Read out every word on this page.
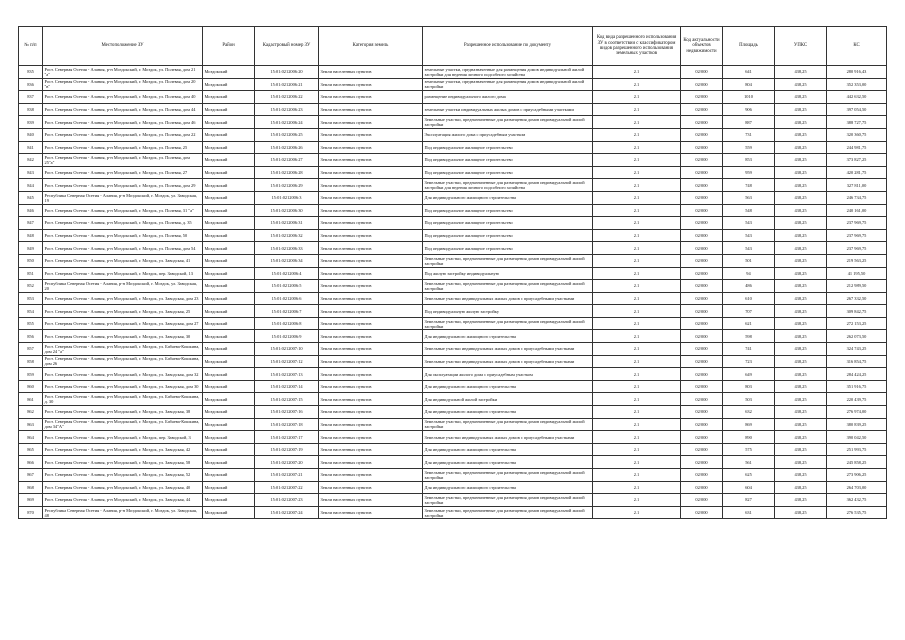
№ п/п	Местоположение ЗУ	Район	Кадастровый номер ЗУ	Категория земель	Разрешенное использование по документу	Код вида разрешенного использования ЗУ в соответствии с классификатором видов разрешенного использования земельных участков	Код актуальности объектов недвижимости	Площадь	УПКС	КС
835	Рост. Северная Осетия - Алания, р-н Моздокский, г. Моздок, ул. Полевая, дом 21 "а"	Моздокский	15:01:0212006:20	Земли населенных пунктов	земельные участки, предназначенные для размещения домов индивидуальной жилой застройки для ведения личного подсобного хозяйства	2.1	02/000	641	438,25	280 916,43
836	Рост. Северная Осетия - Алания, р-н Моздокский, г. Моздок, ул. Полевая, дом 20 "в"	Моздокский	15:01:0212006:21	Земли населенных пунктов	земельные участки, предназначенные для размещения домов индивидуальной жилой застройки	2.1	02/000	804	438,25	352 353,00
837	Рост. Северная Осетия - Алания, р-н Моздокский, г. Моздок, ул. Полевая, дом 40	Моздокский	15:01:0212006:22	Земли населенных пунктов	размещение индивидуального жилого дома	2.1	02/000	1010	438,25	442 632,50
838	Рост. Северная Осетия - Алания, р-н Моздокский, г. Моздок, ул. Полевая, дом 44	Моздокский	15:01:0212006:23	Земли населенных пунктов	земельные участки индивидуальных жилых домов с приусадебными участками	2.1	02/000	906	438,25	397 054,50
839	Рост. Северная Осетия - Алания, р-н Моздокский, г. Моздок, ул. Полевая, дом 46	Моздокский	15:01:0212006:24	Земли населенных пунктов	Земельные участки, предназначенные для размещения домов индивидуальной жилой застройки	2.1	02/000	887	438,25	388 727,75
840	Рост. Северная Осетия - Алания, р-н Моздокский, г. Моздок, ул. Полевая, дом 22	Моздокский	15:01:0212006:25	Земли населенных пунктов	Эксплуатация жилого дома с приусадебным участком	2.1	02/000	731	438,25	320 360,75
841	Рост. Северная Осетия - Алания, р-н Моздокский, г. Моздок, ул. Полевая, 25	Моздокский	15:01:0212006:26	Земли населенных пунктов	Под индивидуальное жилищное строительство	2.1	02/000	559	438,25	244 981,75
842	Рост. Северная Осетия - Алания, р-н Моздокский, г. Моздок, ул. Полевая, дом 25"а"	Моздокский	15:01:0212006:27	Земли населенных пунктов	Под индивидуальное жилищное строительство	2.1	02/000	853	438,25	373 827,25
843	Рост. Северная Осетия - Алания, р-н Моздокский, г. Моздок, ул. Полевая, 27	Моздокский	15:01:0212006:28	Земли населенных пунктов	Под индивидуальное жилищное строительство	2.1	02/000	959	438,25	420 281,75
844	Рост. Северная Осетия - Алания, р-н Моздокский, г. Моздок, ул. Полевая, дом 29	Моздокский	15:01:0212006:29	Земли населенных пунктов	Земельные участки, предназначенные для размещения домов индивидуальной жилой застройки для ведения личного подсобного хозяйства	2.1	02/000	748	438,25	327 811,00
845	Республика Северная Осетия - Алания, р-н Моздокский, г. Моздок, ул. Заводская, 19	Моздокский	15:01:0212006:3	Земли населенных пунктов	Для индивидуального жилищного строительства	2.1	02/000	563	438,25	246 734,75
846	Рост. Северная Осетия - Алания, р-н Моздокский, г. Моздок, ул. Полевая, 31 "а"	Моздокский	15:01:0212006:30	Земли населенных пунктов	Под индивидуальное жилищное строительство	2.1	02/000	548	438,25	240 161,00
847	Рост. Северная Осетия - Алания, р-н Моздокский, г. Моздок, ул. Полевая, д. 35	Моздокский	15:01:0212006:31	Земли населенных пунктов	Под индивидуальное жилищное строительство	2.1	02/000	543	438,25	237 969,75
848	Рост. Северная Осетия - Алания, р-н Моздокский, г. Моздок, ул. Полевая, 50	Моздокский	15:01:0212006:32	Земли населенных пунктов	Под индивидуальное жилищное строительство	2.1	02/000	543	438,25	237 969,75
849	Рост. Северная Осетия - Алания, р-н Моздокский, г. Моздок, ул. Полевая, дом 54	Моздокский	15:01:0212006:33	Земли населенных пунктов	Под индивидуальное жилищное строительство	2.1	02/000	543	438,25	237 969,75
850	Рост. Северная Осетия - Алания, р-н Моздокский, г. Моздок, ул. Заводская, 41	Моздокский	15:01:0212006:34	Земли населенных пунктов	Земельные участки, предназначенные для размещения домов индивидуальной жилой застройки	2.1	02/000	501	438,25	219 563,25
851	Рост. Северная Осетия - Алания, р-н Моздокский, г. Моздок, пер. Заводской, 13	Моздокский	15:01:0212006:4	Земли населенных пунктов	Под жилую застройку индивидуальную	2.1	02/000	94	438,25	41 195,50
852	Республика Северная Осетия - Алания, р-н Моздокский, г. Моздок, ул. Заводская, 20	Моздокский	15:01:0212006:5	Земли населенных пунктов	Земельные участки, предназначенные для размещения домов индивидуальной жилой застройки	2.1	02/000	486	438,25	212 989,50
853	Рост. Северная Осетия - Алания, р-н Моздокский, г. Моздок, ул. Заводская, дом 23	Моздокский	15:01:0212006:6	Земли населенных пунктов	Земельные участки индивидуальных жилых домов с приусадебными участками	2.1	02/000	610	438,25	267 332,50
854	Рост. Северная Осетия - Алания, р-н Моздокский, г. Моздок, ул. Заводская, 25	Моздокский	15:01:0212006:7	Земли населенных пунктов	Под индивидуальную жилую застройку	2.1	02/000	707	438,25	309 842,75
855	Рост. Северная Осетия - Алания, р-н Моздокский, г. Моздок, ул. Заводская, дом 27	Моздокский	15:01:0212006:8	Земли населенных пунктов	Земельные участки, предназначенные для размещения домов индивидуальной жилой застройки	2.1	02/000	621	438,25	272 153,25
856	Рост. Северная Осетия - Алания, р-н Моздокский, г. Моздок, ул. Заводская, 30	Моздокский	15:01:0212006:9	Земли населенных пунктов	Для индивидуального жилищного строительства	2.1	02/000	598	438,25	262 073,50
857	Рост. Северная Осетия - Алания, р-н Моздокский, г. Моздок, ул. Бабаева-Кошкина, дом 24 "а"	Моздокский	15:01:0212007:10	Земли населенных пунктов	Земельные участки индивидуальных жилых домов с приусадебными участками	2.1	02/000	741	438,25	324 743,25
858	Рост. Северная Осетия - Алания, р-н Моздокский, г. Моздок, ул. Бабаева-Кошкина, дом 26	Моздокский	15:01:0212007:12	Земли населенных пунктов	Земельные участки индивидуальных жилых домов с приусадебными участками	2.1	02/000	723	438,25	316 854,75
859	Рост. Северная Осетия - Алания, р-н Моздокский, г. Моздок, ул. Заводская, дом 32	Моздокский	15:01:0212007:13	Земли населенных пунктов	Для эксплуатации жилого дома с приусадебным участком	2.1	02/000	649	438,25	284 424,25
860	Рост. Северная Осетия - Алания, р-н Моздокский, г. Моздок, ул. Заводская, дом 30	Моздокский	15:01:0212007:14	Земли населенных пунктов	Для индивидуального жилищного строительства	2.1	02/000	803	438,25	351 916,75
861	Рост. Северная Осетия - Алания, р-н Моздокский, г. Моздок, ул. Бабаева-Кошкина, д. 30	Моздокский	15:01:0212007:15	Земли населенных пунктов	Для индивидуальной жилой застройки	2.1	02/000	503	438,25	220 439,75
862	Рост. Северная Осетия - Алания, р-н Моздокский, г. Моздок, ул. Заводская, 38	Моздокский	15:01:0212007:16	Земли населенных пунктов	Для индивидуального жилищного строительства	2.1	02/000	632	438,25	276 974,00
863	Рост. Северная Осетия - Алания, р-н Моздокский, г. Моздок, ул. Бабаева-Кошкина, дом 34"А"	Моздокский	15:01:0212007:18	Земли населенных пунктов	Земельные участки, предназначенные для размещения домов индивидуальной жилой застройки	2.1	02/000	869	438,25	380 839,25
864	Рост. Северная Осетия - Алания, р-н Моздокский, г. Моздок, пер. Заводской, 3	Моздокский	15:01:0212007:17	Земли населенных пунктов	Земельные участки индивидуальных жилых домов с приусадебными участками	2.1	02/000	890	438,25	390 042,50
865	Рост. Северная Осетия - Алания, р-н Моздокский, г. Моздок, ул. Заводская, 42	Моздокский	15:01:0212007:19	Земли населенных пунктов	Для индивидуального жилищного строительства	2.1	02/000	575	438,25	251 993,75
866	Рост. Северная Осетия - Алания, р-н Моздокский, г. Моздок, ул. Заводская, 58	Моздокский	15:01:0212007:20	Земли населенных пунктов	Для индивидуального жилищного строительства	2.1	02/000	561	438,25	245 858,25
867	Рост. Северная Осетия - Алания, р-н Моздокский, г. Моздок, ул. Заводская, 52	Моздокский	15:01:0212007:21	Земли населенных пунктов	Земельные участки, предназначенные для размещения домов индивидуальной жилой застройки	2.1	02/000	625	438,25	273 906,25
868	Рост. Северная Осетия - Алания, р-н Моздокский, г. Моздок, ул. Заводская, 40	Моздокский	15:01:0212007:22	Земли населенных пунктов	Для индивидуального жилищного строительства	2.1	02/000	604	438,25	264 703,00
869	Рост. Северная Осетия - Алания, р-н Моздокский, г. Моздок, ул. Заводская, 44	Моздокский	15:01:0212007:23	Земли населенных пунктов	Земельные участки, предназначенные для размещения домов индивидуальной жилой застройки	2.1	02/000	827	438,25	362 432,75
870	Республика Северная Осетия - Алания, р-н Моздокский, г. Моздок, ул. Заводская, 48	Моздокский	15:01:0212007:24	Земли населенных пунктов	Земельные участки, предназначенные для размещения домов индивидуальной жилой застройки	2.1	02/000	631	438,25	276 535,75
